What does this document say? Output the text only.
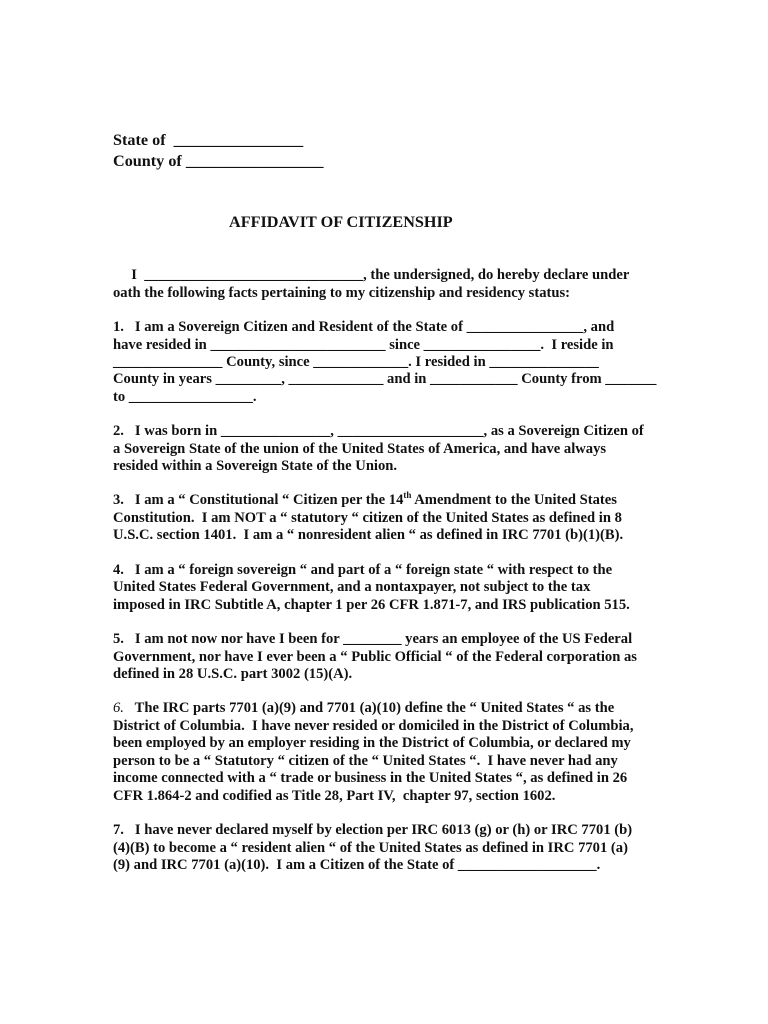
State of  ________________
County of _________________
AFFIDAVIT OF CITIZENSHIP
I  ______________________________, the undersigned, do hereby declare under
oath the following facts pertaining to my citizenship and residency status:
1.   I am a Sovereign Citizen and Resident of the State of ________________, and
have resided in ________________________ since ________________.  I reside in
_______________ County, since _____________. I resided in _______________
County in years _________, _____________ and in ____________ County from _______
to _________________.
2.   I was born in _______________, ____________________, as a Sovereign Citizen of
a Sovereign State of the union of the United States of America, and have always
resided within a Sovereign State of the Union.
3.   I am a “ Constitutional “ Citizen per the 14th Amendment to the United States
Constitution.  I am NOT a “ statutory “ citizen of the United States as defined in 8
U.S.C. section 1401.  I am a “ nonresident alien “ as defined in IRC 7701 (b)(1)(B).
4.   I am a “ foreign sovereign “ and part of a “ foreign state “ with respect to the
United States Federal Government, and a nontaxpayer, not subject to the tax
imposed in IRC Subtitle A, chapter 1 per 26 CFR 1.871-7, and IRS publication 515.
5.   I am not now nor have I been for ________ years an employee of the US Federal
Government, nor have I ever been a “ Public Official “ of the Federal corporation as
defined in 28 U.S.C. part 3002 (15)(A).
6.   The IRC parts 7701 (a)(9) and 7701 (a)(10) define the “ United States “ as the
District of Columbia.  I have never resided or domiciled in the District of Columbia,
been employed by an employer residing in the District of Columbia, or declared my
person to be a “ Statutory “ citizen of the “ United States “.  I have never had any
income connected with a “ trade or business in the United States “, as defined in 26
CFR 1.864-2 and codified as Title 28, Part IV,  chapter 97, section 1602.
7.   I have never declared myself by election per IRC 6013 (g) or (h) or IRC 7701 (b)
(4)(B) to become a “ resident alien “ of the United States as defined in IRC 7701 (a)
(9) and IRC 7701 (a)(10).  I am a Citizen of the State of ___________________.
